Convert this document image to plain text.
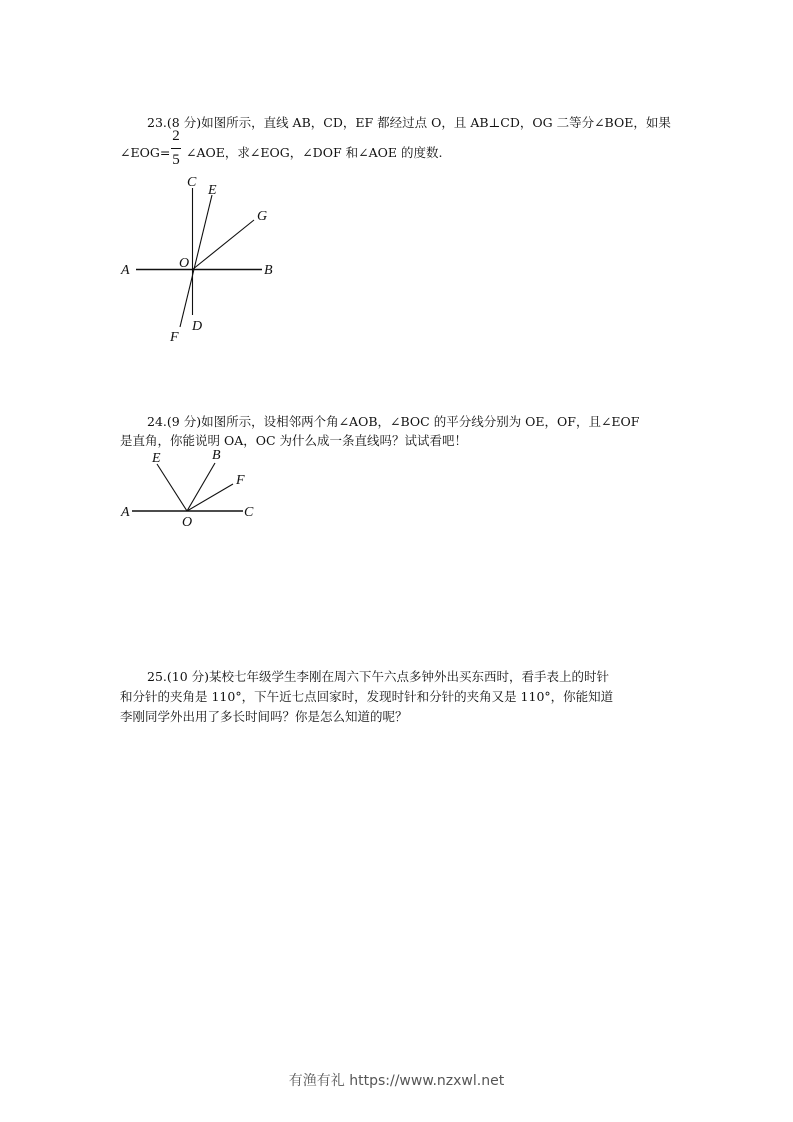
23.(8 分)如图所示，直线 AB，CD，EF 都经过点 O，且 AB⊥CD，OG 二等分∠BOE，如果
∠EOG=
2
5 ∠AOE，求∠EOG，∠DOF 和∠AOE 的度数.
A	B
C
D
E
F
G
O
A
B
C
E
F
O
24.(9 分)如图所示，设相邻两个角∠AOB，∠BOC 的平分线分别为 OE，OF，且∠EOF
是直角，你能说明 OA，OC 为什么成一条直线吗？试试看吧！
25.(10 分)某校七年级学生李刚在周六下午六点多钟外出买东西时，看手表上的时针
和分针的夹角是 110°，下午近七点回家时，发现时针和分针的夹角又是 110°，你能知道
李刚同学外出用了多长时间吗？你是怎么知道的呢？
有渔有礼 https://www.nzxwl.net
